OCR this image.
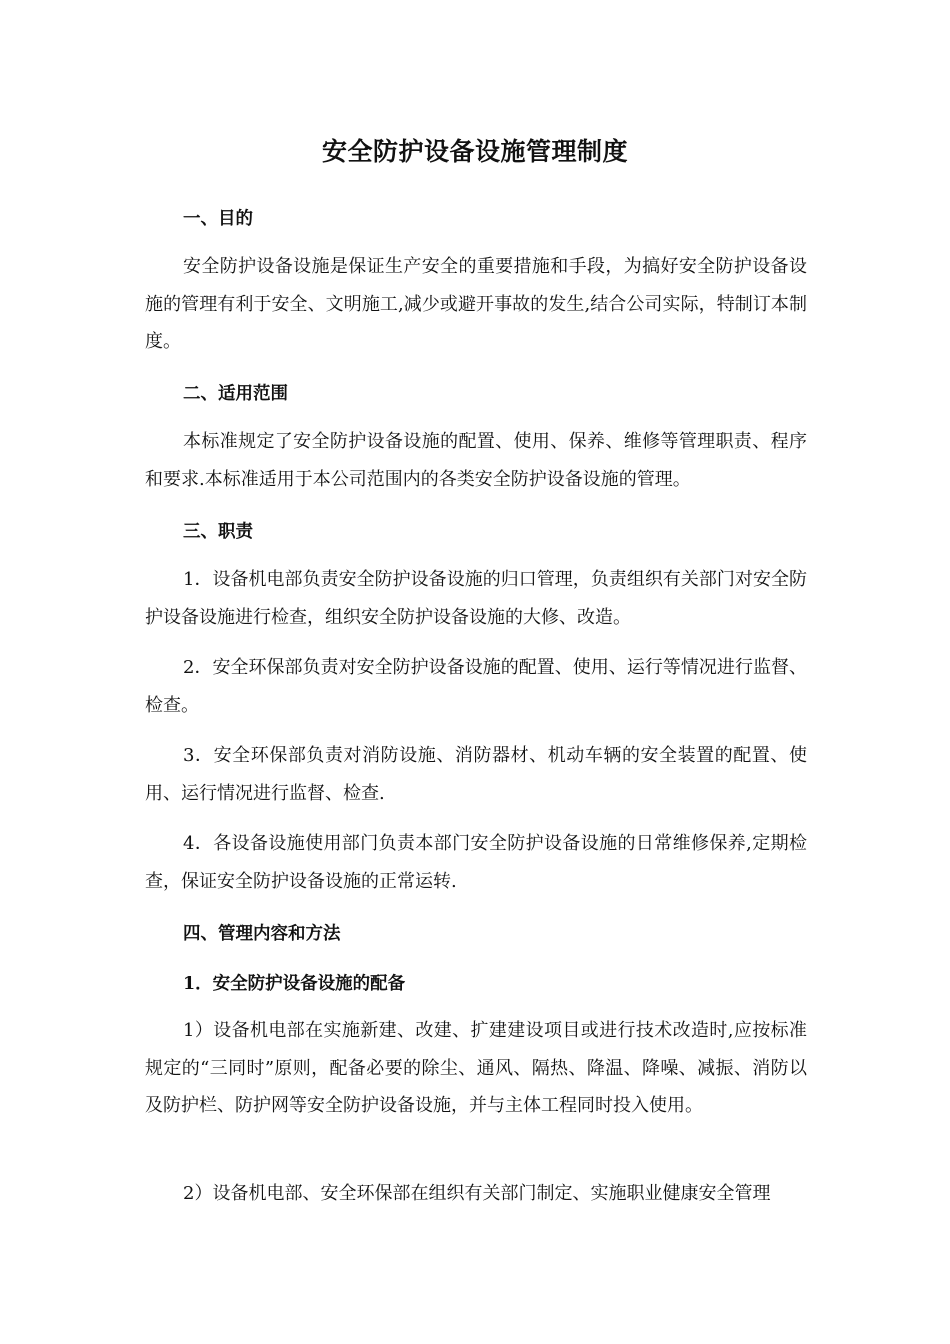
安全防护设备设施管理制度
一、目的

安全防护设备设施是保证生产安全的重要措施和手段，为搞好安全防护设备设施的管理有利于安全、文明施工,减少或避开事故的发生,结合公司实际，特制订本制度。

二、适用范围

本标准规定了安全防护设备设施的配置、使用、保养、维修等管理职责、程序和要求.本标准适用于本公司范围内的各类安全防护设备设施的管理。

三、职责

1．设备机电部负责安全防护设备设施的归口管理，负责组织有关部门对安全防护设备设施进行检查，组织安全防护设备设施的大修、改造。

2．安全环保部负责对安全防护设备设施的配置、使用、运行等情况进行监督、检查。

3．安全环保部负责对消防设施、消防器材、机动车辆的安全装置的配置、使用、运行情况进行监督、检查.

4．各设备设施使用部门负责本部门安全防护设备设施的日常维修保养,定期检查，保证安全防护设备设施的正常运转.

四、管理内容和方法
1．安全防护设备设施的配备

1）设备机电部在实施新建、改建、扩建建设项目或进行技术改造时,应按标准规定的“三同时”原则，配备必要的除尘、通风、隔热、降温、降噪、减振、消防以及防护栏、防护网等安全防护设备设施，并与主体工程同时投入使用。

2）设备机电部、安全环保部在组织有关部门制定、实施职业健康安全管理
